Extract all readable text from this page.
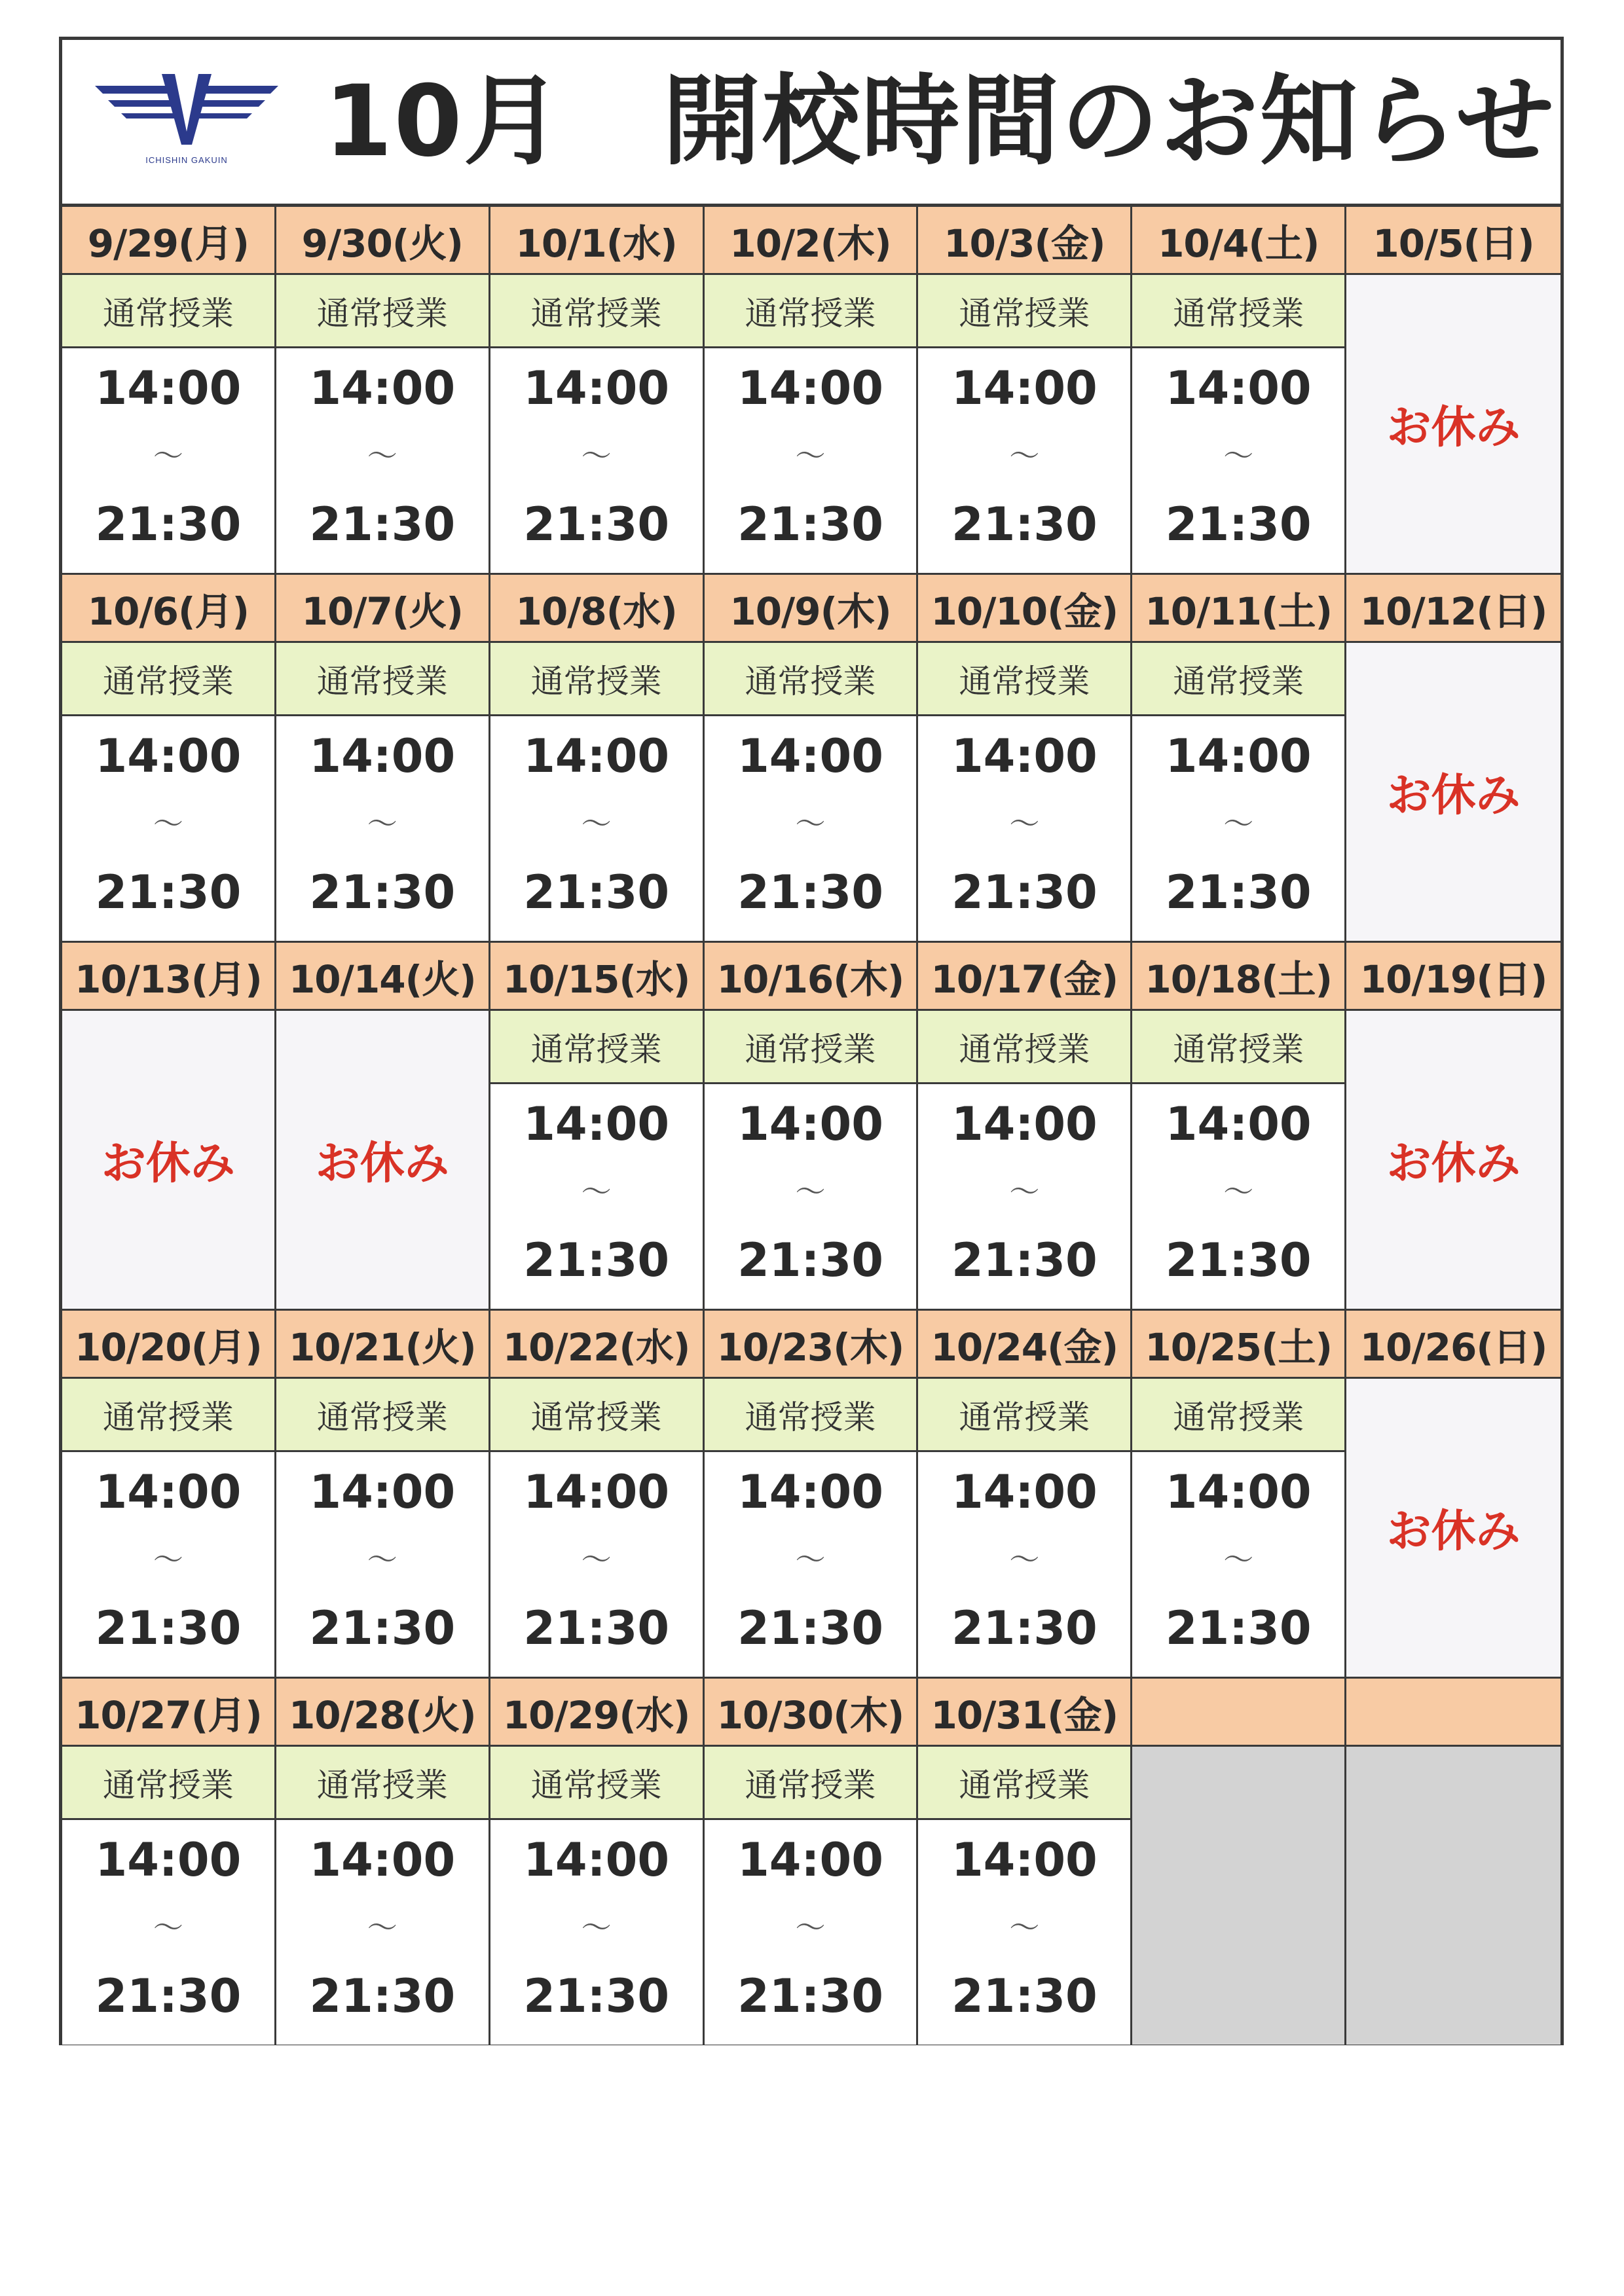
ICHISHIN GAKUIN 10月　開校時間のお知らせ
9/29(月)
通常授業
14:00
〜
21:30
9/30(火)
通常授業
14:00
〜
21:30
10/1(水)
通常授業
14:00
〜
21:30
10/2(木)
通常授業
14:00
〜
21:30
10/3(金)
通常授業
14:00
〜
21:30
10/4(土)
通常授業
14:00
〜
21:30
10/5(日)
お休み
10/6(月)
通常授業
14:00
〜
21:30
10/7(火)
通常授業
14:00
〜
21:30
10/8(水)
通常授業
14:00
〜
21:30
10/9(木)
通常授業
14:00
〜
21:30
10/10(金)
通常授業
14:00
〜
21:30
10/11(土)
通常授業
14:00
〜
21:30
10/12(日)
お休み
10/13(月)
お休み
10/14(火)
お休み
10/15(水)
通常授業
14:00
〜
21:30
10/16(木)
通常授業
14:00
〜
21:30
10/17(金)
通常授業
14:00
〜
21:30
10/18(土)
通常授業
14:00
〜
21:30
10/19(日)
お休み
10/20(月)
通常授業
14:00
〜
21:30
10/21(火)
通常授業
14:00
〜
21:30
10/22(水)
通常授業
14:00
〜
21:30
10/23(木)
通常授業
14:00
〜
21:30
10/24(金)
通常授業
14:00
〜
21:30
10/25(土)
通常授業
14:00
〜
21:30
10/26(日)
お休み
10/27(月)
通常授業
14:00
〜
21:30
10/28(火)
通常授業
14:00
〜
21:30
10/29(水)
通常授業
14:00
〜
21:30
10/30(木)
通常授業
14:00
〜
21:30
10/31(金)
通常授業
14:00
〜
21:30
